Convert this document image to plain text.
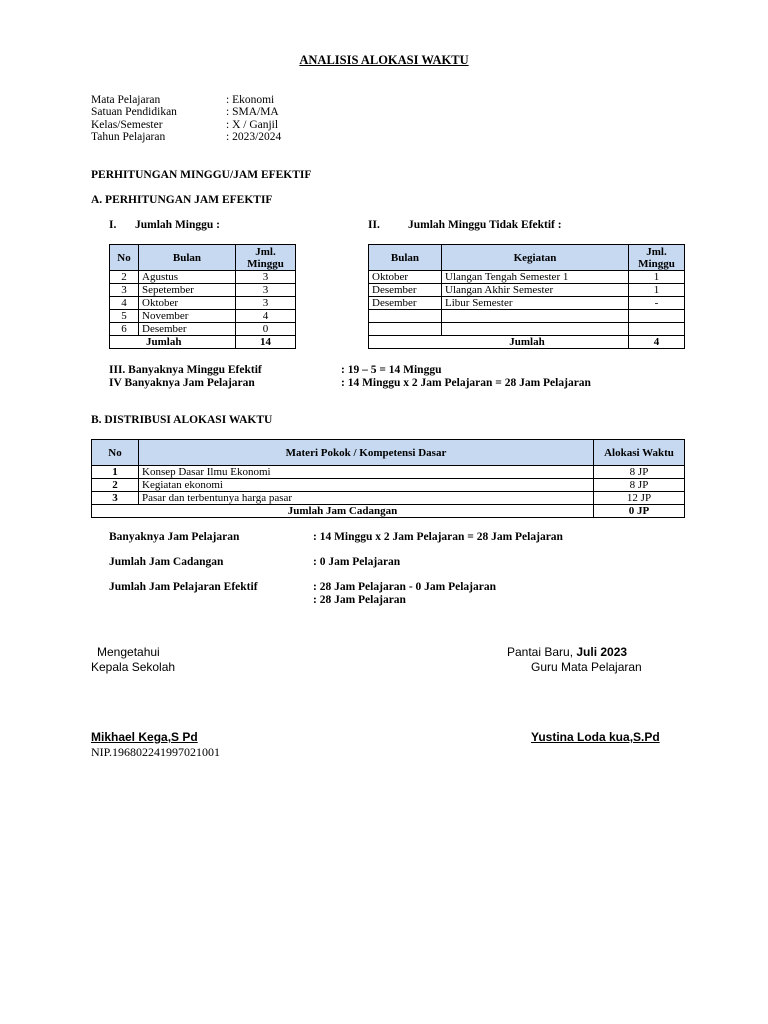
ANALISIS ALOKASI WAKTU
Mata Pelajaran	: Ekonomi
Satuan Pendidikan	: SMA/MA
Kelas/Semester	: X / Ganjil
Tahun Pelajaran	: 2023/2024
PERHITUNGAN MINGGU/JAM EFEKTIF
A. PERHITUNGAN JAM EFEKTIF
I. Jumlah Minggu :	II. Jumlah Minggu Tidak Efektif :
No	Bulan	Jml. Minggu
2	Agustus	3
3	Sepetember	3
4	Oktober	3
5	November	4
6	Desember	0
Jumlah		14
Bulan	Kegiatan	Jml. Minggu
Oktober	Ulangan Tengah Semester 1	1
Desember	Ulangan Akhir Semester	1
Desember	Libur Semester	-

Jumlah		4
III. Banyaknya Minggu Efektif	: 19 – 5 = 14 Minggu
IV Banyaknya Jam Pelajaran	: 14 Minggu x 2 Jam Pelajaran = 28 Jam Pelajaran
B. DISTRIBUSI ALOKASI WAKTU
No	Materi Pokok / Kompetensi Dasar	Alokasi Waktu
1	Konsep Dasar Ilmu Ekonomi	8 JP
2	Kegiatan ekonomi	8 JP
3	Pasar dan terbentunya harga pasar	12 JP
Jumlah Jam Cadangan		0 JP
Banyaknya Jam Pelajaran	: 14 Minggu x 2 Jam Pelajaran = 28 Jam Pelajaran
Jumlah Jam Cadangan	: 0 Jam Pelajaran
Jumlah Jam Pelajaran Efektif	: 28 Jam Pelajaran - 0 Jam Pelajaran
: 28 Jam Pelajaran
Mengetahui
Kepala Sekolah
Pantai Baru, Juli 2023
Guru Mata Pelajaran
Mikhael Kega,S Pd
NIP.196802241997021001
Yustina Loda kua,S.Pd
